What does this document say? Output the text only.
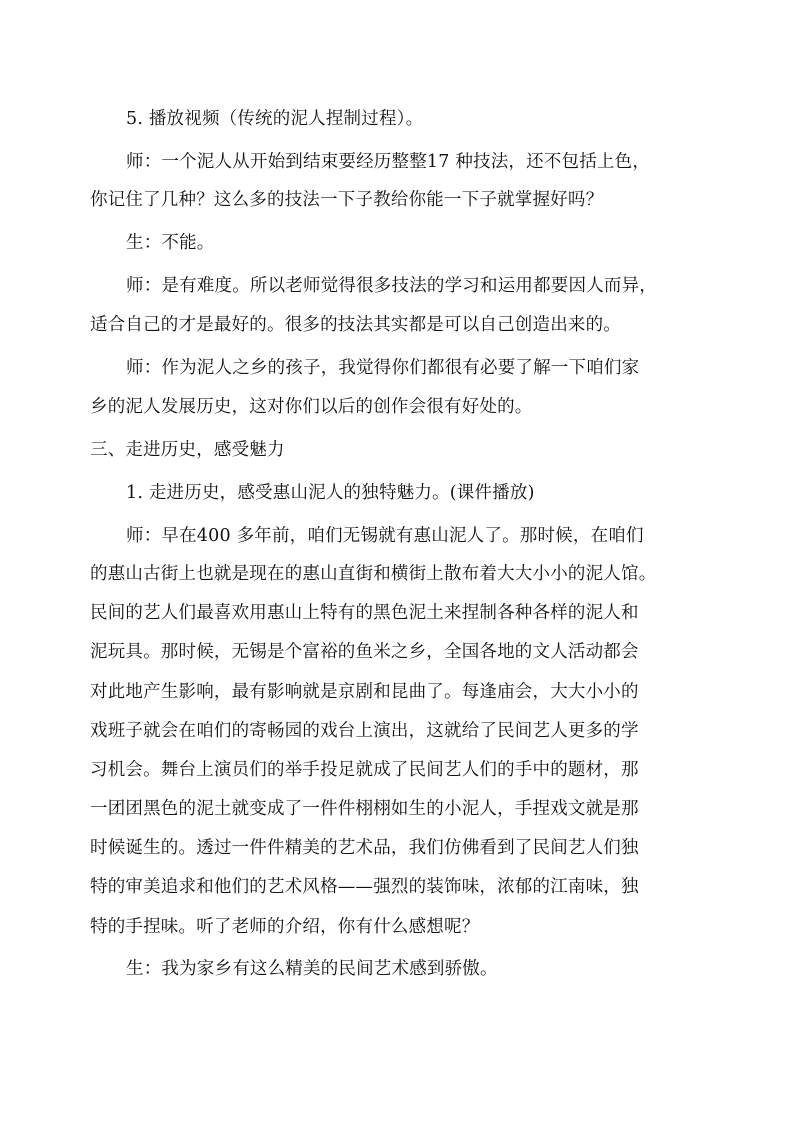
5. 播放视频（传统的泥人捏制过程）。
师：一个泥人从开始到结束要经历整整17 种技法，还不包括上色，
你记住了几种？这么多的技法一下子教给你能一下子就掌握好吗？
生：不能。
师：是有难度。所以老师觉得很多技法的学习和运用都要因人而异，
适合自己的才是最好的。很多的技法其实都是可以自己创造出来的。
师：作为泥人之乡的孩子，我觉得你们都很有必要了解一下咱们家
乡的泥人发展历史，这对你们以后的创作会很有好处的。
三、走进历史，感受魅力
1. 走进历史，感受惠山泥人的独特魅力。(课件播放)
师：早在400 多年前，咱们无锡就有惠山泥人了。那时候，在咱们
的惠山古街上也就是现在的惠山直街和横街上散布着大大小小的泥人馆。
民间的艺人们最喜欢用惠山上特有的黑色泥土来捏制各种各样的泥人和
泥玩具。那时候，无锡是个富裕的鱼米之乡，全国各地的文人活动都会
对此地产生影响，最有影响就是京剧和昆曲了。每逢庙会，大大小小的
戏班子就会在咱们的寄畅园的戏台上演出，这就给了民间艺人更多的学
习机会。舞台上演员们的举手投足就成了民间艺人们的手中的题材，那
一团团黑色的泥土就变成了一件件栩栩如生的小泥人，手捏戏文就是那
时候诞生的。透过一件件精美的艺术品，我们仿佛看到了民间艺人们独
特的审美追求和他们的艺术风格——强烈的装饰味，浓郁的江南味，独
特的手捏味。听了老师的介绍，你有什么感想呢？
生：我为家乡有这么精美的民间艺术感到骄傲。
